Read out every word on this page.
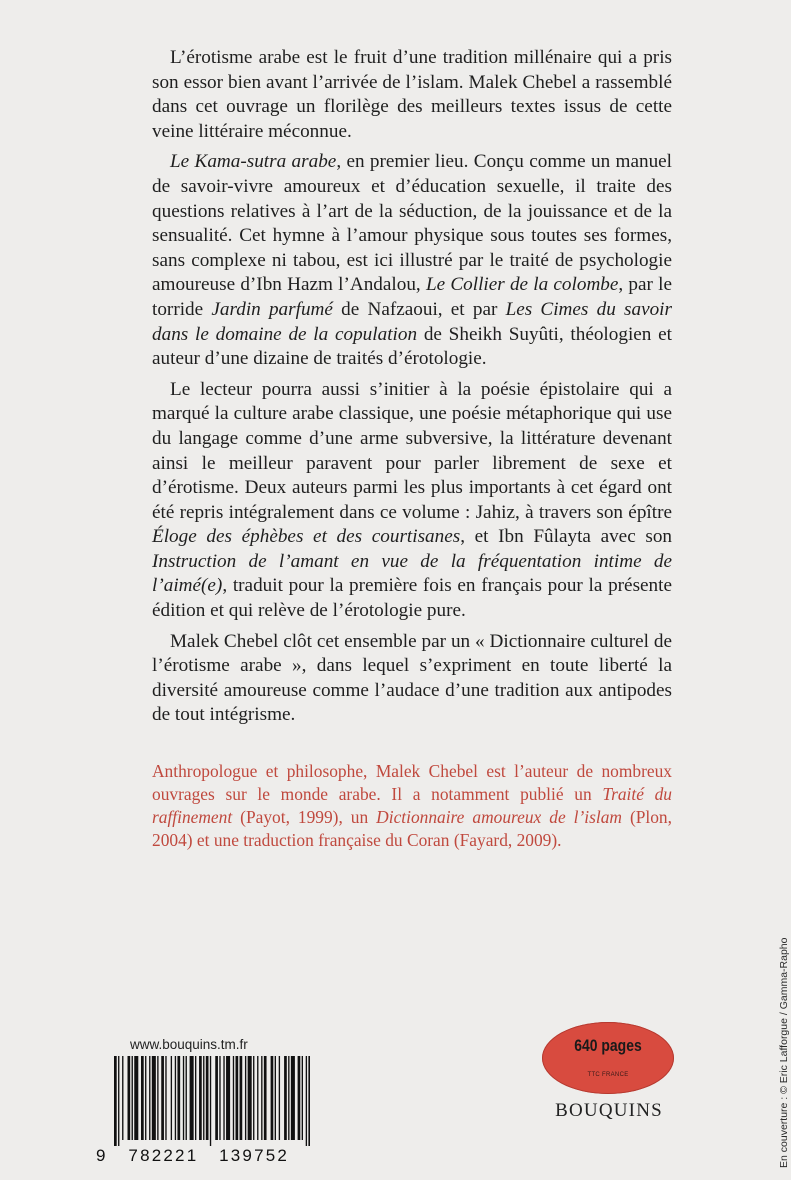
L’érotisme arabe est le fruit d’une tradition millénaire qui a pris son essor bien avant l’arrivée de l’islam. Malek Chebel a rassemblé dans cet ouvrage un florilège des meilleurs textes issus de cette veine littéraire méconnue.

Le Kama-sutra arabe, en premier lieu. Conçu comme un manuel de savoir-vivre amoureux et d’éducation sexuelle, il traite des questions relatives à l’art de la séduction, de la jouissance et de la sensualité. Cet hymne à l’amour physique sous toutes ses formes, sans complexe ni tabou, est ici illustré par le traité de psychologie amoureuse d’Ibn Hazm l’Andalou, Le Collier de la colombe, par le torride Jardin parfumé de Nafzaoui, et par Les Cimes du savoir dans le domaine de la copulation de Sheikh Suyûti, théologien et auteur d’une dizaine de traités d’érotologie.

Le lecteur pourra aussi s’initier à la poésie épistolaire qui a marqué la culture arabe classique, une poésie métaphorique qui use du langage comme d’une arme subversive, la littérature devenant ainsi le meilleur paravent pour parler librement de sexe et d’érotisme. Deux auteurs parmi les plus importants à cet égard ont été repris intégralement dans ce volume : Jahiz, à travers son épître Éloge des éphèbes et des courtisanes, et Ibn Fûlayta avec son Instruction de l’amant en vue de la fréquentation intime de l’aimé(e), traduit pour la première fois en français pour la présente édition et qui relève de l’érotologie pure.

Malek Chebel clôt cet ensemble par un « Dictionnaire culturel de l’érotisme arabe », dans lequel s’expriment en toute liberté la diversité amoureuse comme l’audace d’une tradition aux antipodes de tout intégrisme.

Anthropologue et philosophe, Malek Chebel est l’auteur de nombreux ouvrages sur le monde arabe. Il a notamment publié un Traité du raffinement (Payot, 1999), un Dictionnaire amoureux de l’islam (Plon, 2004) et une traduction française du Coran (Fayard, 2009).

www.bouquins.tm.fr
9   782221   139752
640 pages
TTC FRANCE
BOUQUINS	En couverture : © Eric Lafforgue / Gamma-Rapho
